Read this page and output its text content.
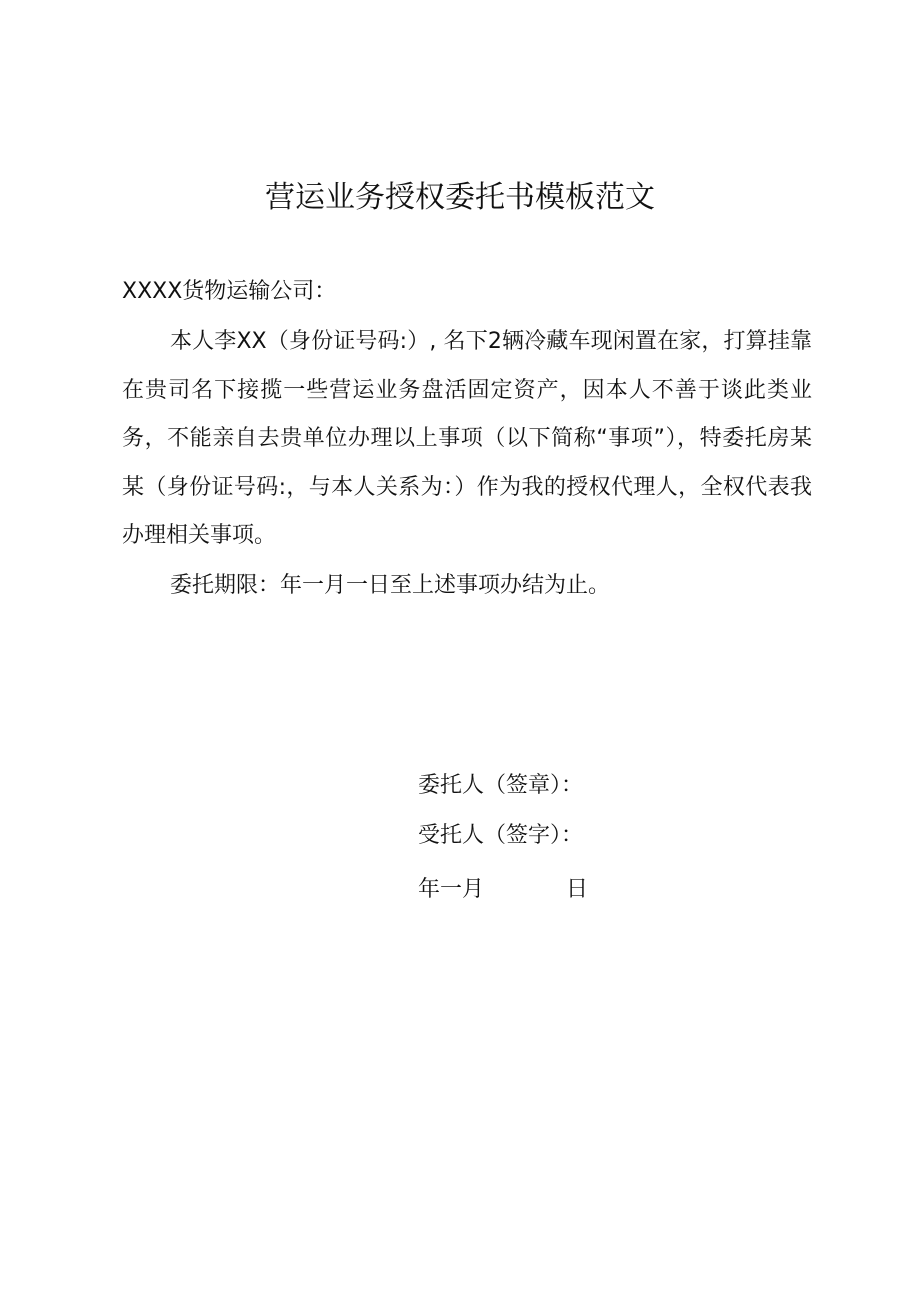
营运业务授权委托书模板范文
XXXX货物运输公司：
本人李XX（身份证号码:）, 名下2辆冷藏车现闲置在家，打算挂靠在贵司名下接揽一些营运业务盘活固定资产，因本人不善于谈此类业务，不能亲自去贵单位办理以上事项（以下简称“事项”），特委托房某某（身份证号码:，与本人关系为：）作为我的授权代理人，全权代表我办理相关事项。
委托期限：年一月一日至上述事项办结为止。
委托人（签章）：
受托人（签字）：
年一月	日
